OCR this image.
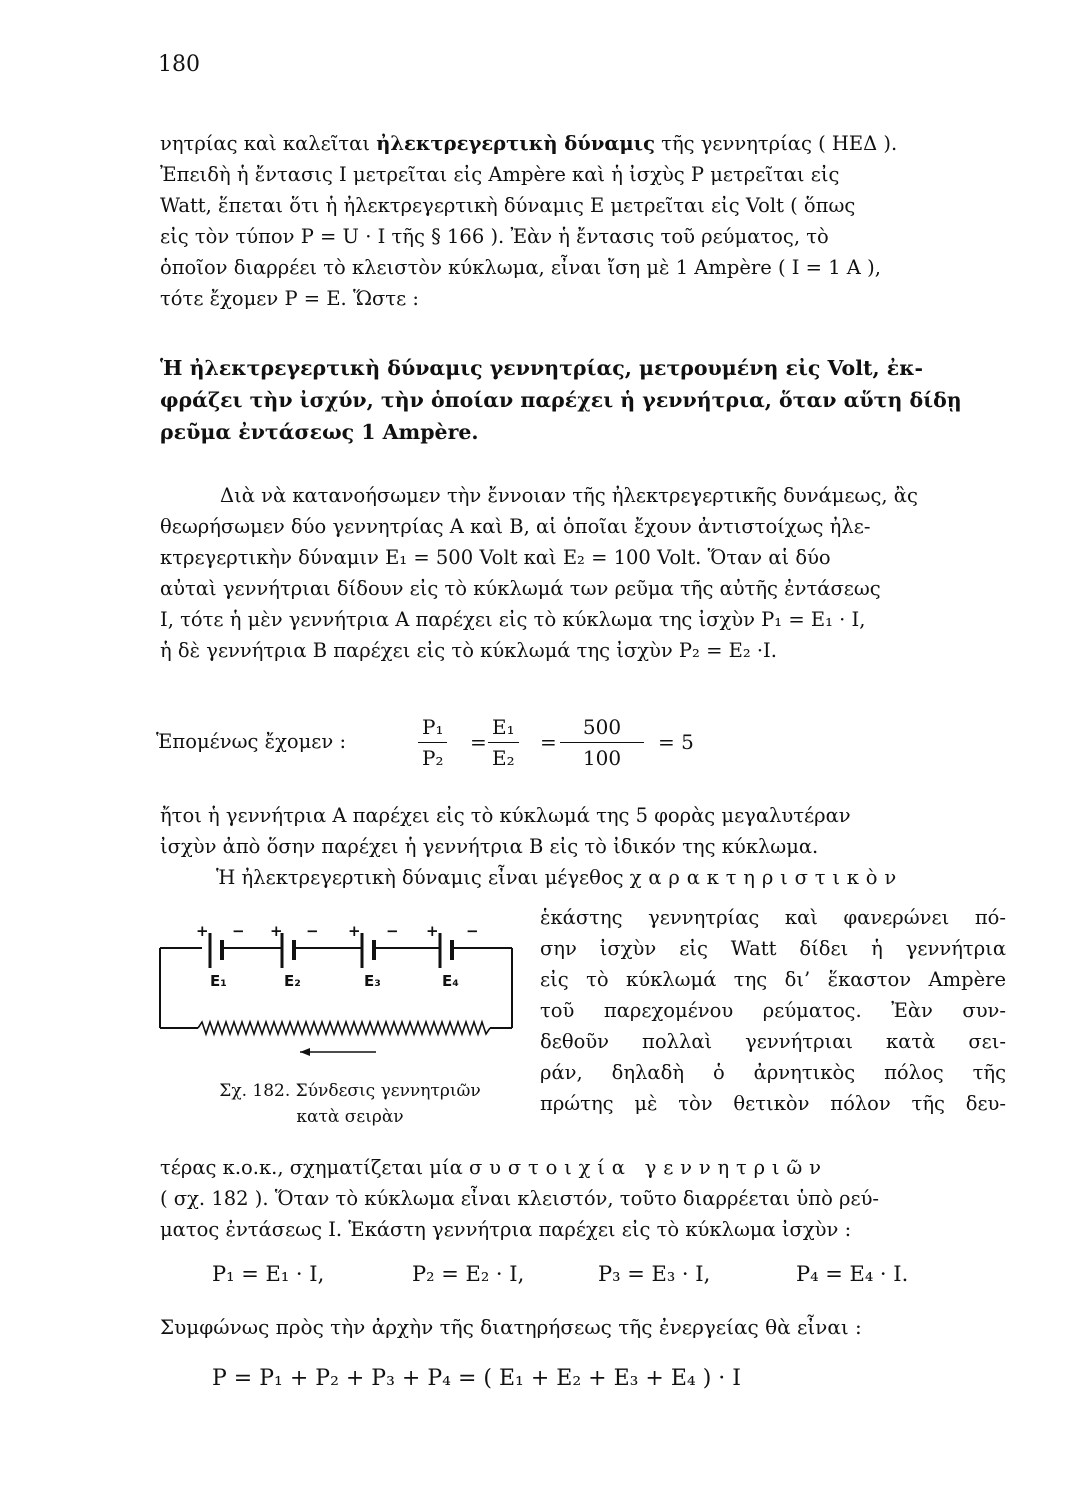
180
νητρίας καὶ καλεῖται ἠλεκτρεγερτικὴ δύναμις τῆς γεννητρίας ( ΗΕΔ ).
Ἐπειδὴ ἡ ἔντασις I μετρεῖται εἰς Ampère καὶ ἡ ἰσχὺς P μετρεῖται εἰς
Watt, ἕπεται ὅτι ἡ ἠλεκτρεγερτικὴ δύναμις E μετρεῖται εἰς Volt ( ὅπως
εἰς τὸν τύπον P = U · I τῆς § 166 ). Ἐὰν ἡ ἔντασις τοῦ ρεύματος, τὸ
ὁποῖον διαρρέει τὸ κλειστὸν κύκλωμα, εἶναι ἴση μὲ 1 Ampère ( I = 1 A ),
τότε ἔχομεν P = E. Ὥστε :
Ἡ ἠλεκτρεγερτικὴ δύναμις γεννητρίας, μετρουμένη εἰς Volt, ἐκ-
φράζει τὴν ἰσχύν, τὴν ὁποίαν παρέχει ἡ γεννήτρια, ὅταν αὕτη δίδῃ
ρεῦμα ἐντάσεως 1 Ampère.
Διὰ νὰ κατανοήσωμεν τὴν ἔννοιαν τῆς ἠλεκτρεγερτικῆς δυνάμεως, ἂς
θεωρήσωμεν δύο γεννητρίας A καὶ B, αἱ ὁποῖαι ἔχουν ἀντιστοίχως ἠλε-
κτρεγερτικὴν δύναμιν E₁ = 500 Volt καὶ E₂ = 100 Volt. Ὅταν αἱ δύο
αὐταὶ γεννήτριαι δίδουν εἰς τὸ κύκλωμά των ρεῦμα τῆς αὐτῆς ἐντάσεως
I, τότε ἡ μὲν γεννήτρια A παρέχει εἰς τὸ κύκλωμα της ἰσχὺν P₁ = E₁ · I,
ἡ δὲ γεννήτρια B παρέχει εἰς τὸ κύκλωμά της ἰσχὺν P₂ = E₂ ·I.
Ἑπομένως ἔχομεν :	$\frac{\text{P₁}}{\text{P₂}} = \frac{\text{E₁}}{\text{E₂}} = \frac{500}{100} = 5$
ἤτοι ἡ γεννήτρια A παρέχει εἰς τὸ κύκλωμά της 5 φορὰς μεγαλυτέραν
ἰσχὺν ἀπὸ ὅσην παρέχει ἡ γεννήτρια B εἰς τὸ ἰδικόν της κύκλωμα.
Ἡ ἠλεκτρεγερτικὴ δύναμις εἶναι μέγεθος χαρακτηριστικὸν
+ − + − + − + −
E₁	E₂	E₃	E₄
Σχ. 182. Σύνδεσις γεννητριῶν
κατὰ σειρὰν
ἑκάστης γεννητρίας καὶ φανερώνει πό-
σην ἰσχὺν εἰς Watt δίδει ἡ γεννήτρια
εἰς τὸ κύκλωμά της δι’ ἕκαστον Ampère
τοῦ παρεχομένου ρεύματος. Ἐὰν συν-
δεθοῦν πολλαὶ γεννήτριαι κατὰ σει-
ράν, δηλαδὴ ὁ ἀρνητικὸς πόλος τῆς
πρώτης μὲ τὸν θετικὸν πόλον τῆς δευ-
τέρας κ.ο.κ., σχηματίζεται μία συστοιχία γεννητριῶν
( σχ. 182 ). Ὅταν τὸ κύκλωμα εἶναι κλειστόν, τοῦτο διαρρέεται ὑπὸ ρεύ-
ματος ἐντάσεως I. Ἑκάστη γεννήτρια παρέχει εἰς τὸ κύκλωμα ἰσχὺν :
P₁ = E₁ · I,	P₂ = E₂ · I,	P₃ = E₃ · I,	P₄ = E₄ · I.
Συμφώνως πρὸς τὴν ἀρχὴν τῆς διατηρήσεως τῆς ἐνεργείας θὰ εἶναι :
P = P₁ + P₂ + P₃ + P₄ = ( E₁ + E₂ + E₃ + E₄ ) · I
